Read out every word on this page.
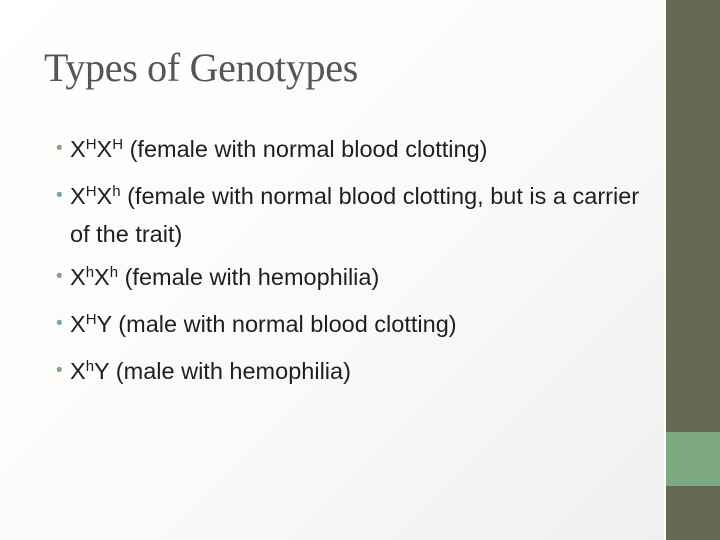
Types of Genotypes
• $X^HX^H$ (female with normal blood clotting)
• $X^HX^h$ (female with normal blood clotting, but is a carrier of the trait)
• $X^hX^h$ (female with hemophilia)
• $X^HY$ (male with normal blood clotting)
• $X^hY$ (male with hemophilia)
